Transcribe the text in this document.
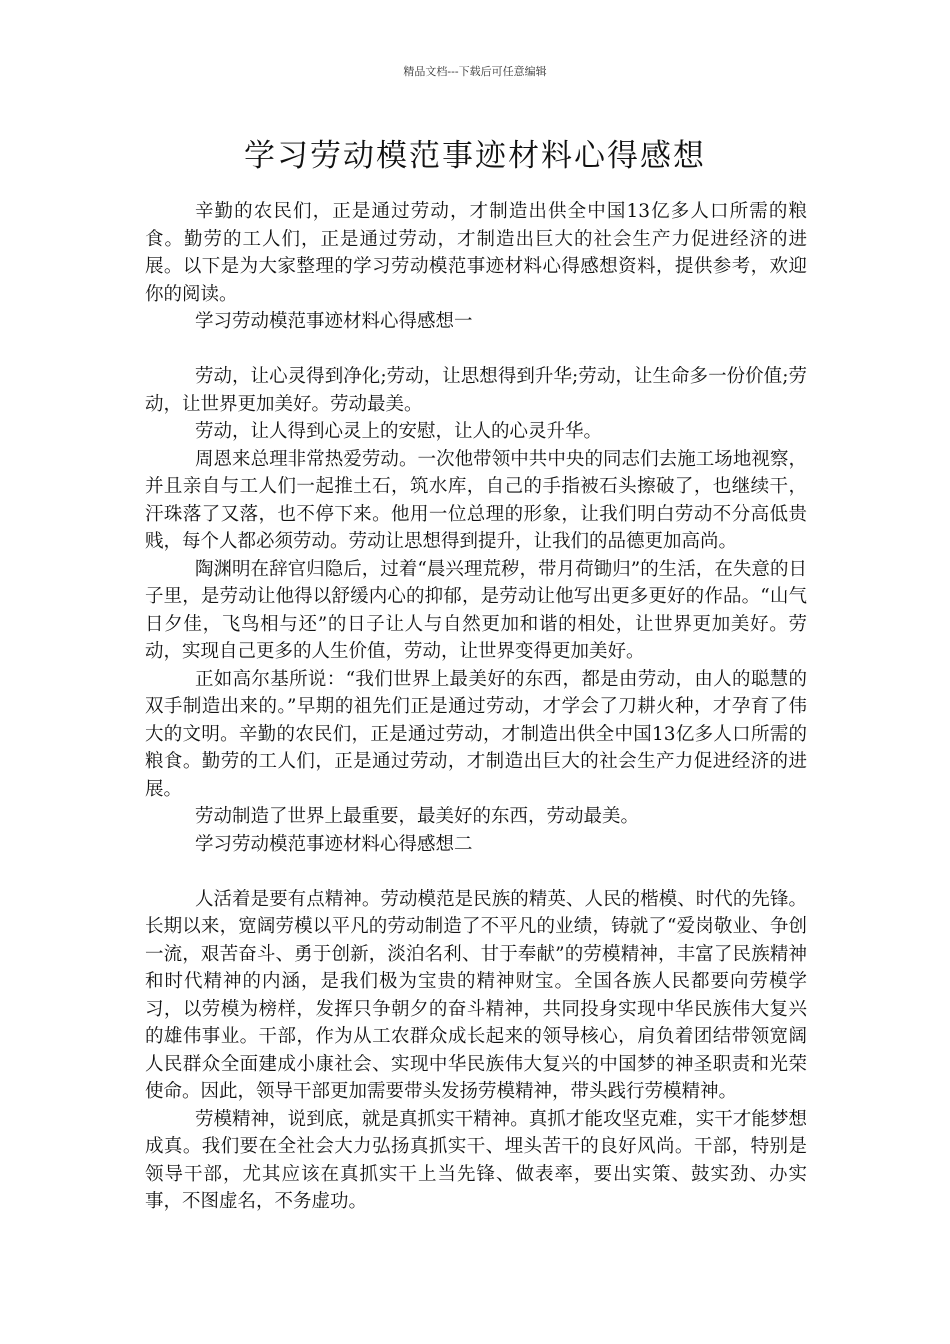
精品文档---下载后可任意编辑
学习劳动模范事迹材料心得感想

辛勤的农民们，正是通过劳动，才制造出供全中国13亿多人口所需的粮食。勤劳的工人们，正是通过劳动，才制造出巨大的社会生产力促进经济的进展。以下是为大家整理的学习劳动模范事迹材料心得感想资料，提供参考，欢迎你的阅读。

学习劳动模范事迹材料心得感想一

劳动，让心灵得到净化;劳动，让思想得到升华;劳动，让生命多一份价值;劳动，让世界更加美好。劳动最美。

劳动，让人得到心灵上的安慰，让人的心灵升华。

周恩来总理非常热爱劳动。一次他带领中共中央的同志们去施工场地视察，并且亲自与工人们一起推土石，筑水库，自己的手指被石头擦破了，也继续干，汗珠落了又落，也不停下来。他用一位总理的形象，让我们明白劳动不分高低贵贱，每个人都必须劳动。劳动让思想得到提升，让我们的品德更加高尚。

陶渊明在辞官归隐后，过着“晨兴理荒秽，带月荷锄归”的生活，在失意的日子里，是劳动让他得以舒缓内心的抑郁，是劳动让他写出更多更好的作品。“山气日夕佳，飞鸟相与还”的日子让人与自然更加和谐的相处，让世界更加美好。劳动，实现自己更多的人生价值，劳动，让世界变得更加美好。

正如高尔基所说：“我们世界上最美好的东西，都是由劳动，由人的聪慧的双手制造出来的。”早期的祖先们正是通过劳动，才学会了刀耕火种，才孕育了伟大的文明。辛勤的农民们，正是通过劳动，才制造出供全中国13亿多人口所需的粮食。勤劳的工人们，正是通过劳动，才制造出巨大的社会生产力促进经济的进展。

劳动制造了世界上最重要，最美好的东西，劳动最美。

学习劳动模范事迹材料心得感想二

人活着是要有点精神。劳动模范是民族的精英、人民的楷模、时代的先锋。长期以来，宽阔劳模以平凡的劳动制造了不平凡的业绩，铸就了“爱岗敬业、争创一流，艰苦奋斗、勇于创新，淡泊名利、甘于奉献”的劳模精神，丰富了民族精神和时代精神的内涵，是我们极为宝贵的精神财宝。全国各族人民都要向劳模学习，以劳模为榜样，发挥只争朝夕的奋斗精神，共同投身实现中华民族伟大复兴的雄伟事业。干部，作为从工农群众成长起来的领导核心，肩负着团结带领宽阔人民群众全面建成小康社会、实现中华民族伟大复兴的中国梦的神圣职责和光荣使命。因此，领导干部更加需要带头发扬劳模精神，带头践行劳模精神。

劳模精神，说到底，就是真抓实干精神。真抓才能攻坚克难，实干才能梦想成真。我们要在全社会大力弘扬真抓实干、埋头苦干的良好风尚。干部，特别是领导干部，尤其应该在真抓实干上当先锋、做表率，要出实策、鼓实劲、办实事，不图虚名，不务虚功。
